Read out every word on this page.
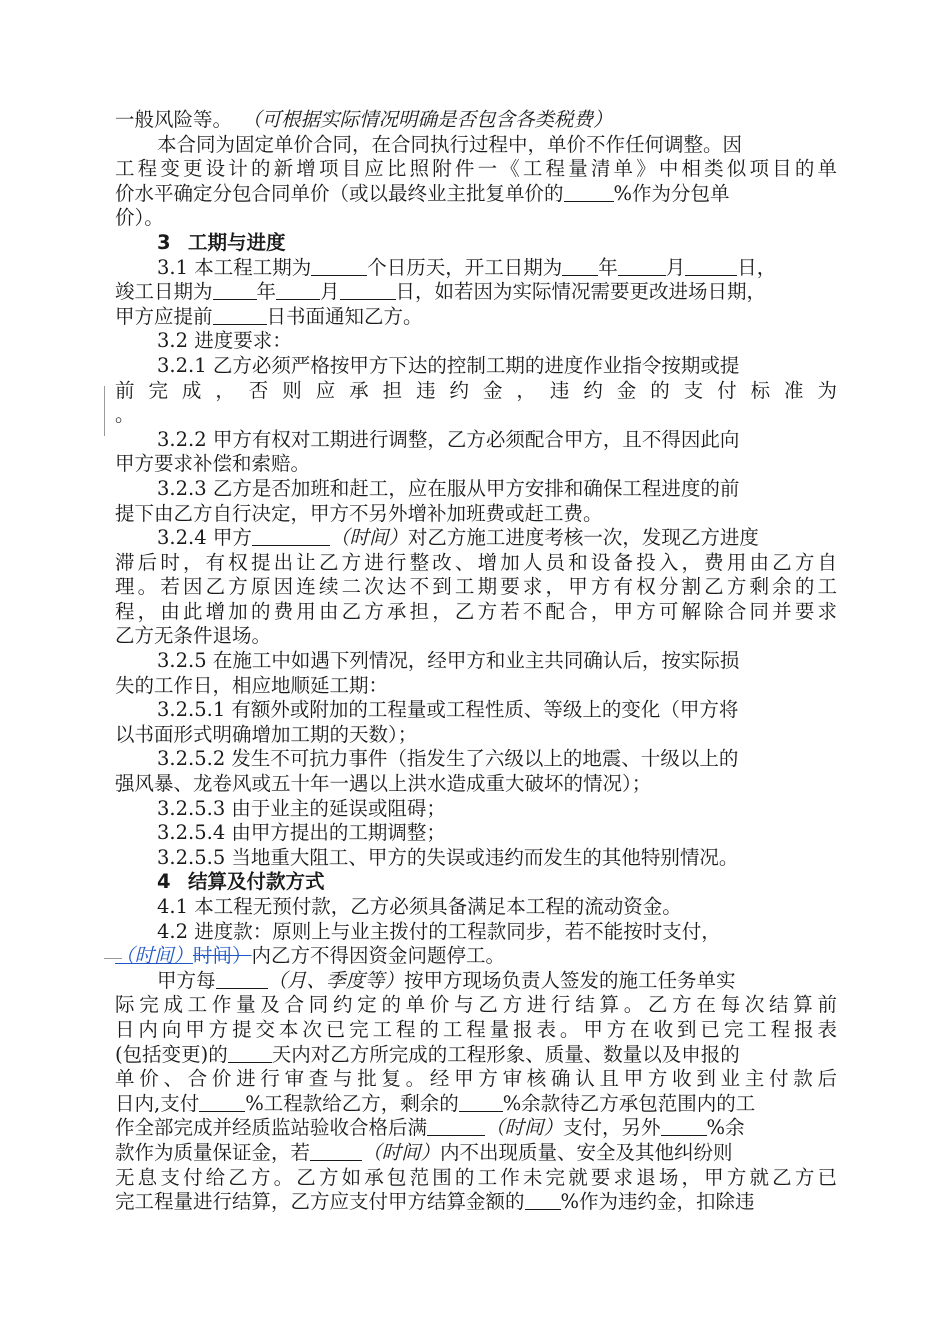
一般风险等。 （可根据实际情况明确是否包含各类税费）
本合同为固定单价合同，在合同执行过程中，单价不作任何调整。因
工程变更设计的新增项目应比照附件一《工程量清单》中相类似项目的单
价水平确定分包合同单价（或以最终业主批复单价的	%作为分包单
价）。
3 工期与进度
3.1 本工程工期为	个日历天，开工日期为 年 月	日，
竣工日期为 年 月	日，如若因为实际情况需要更改进场日期，
甲方应提前	日书面通知乙方。
3.2 进度要求：
3.2.1 乙方必须严格按甲方下达的控制工期的进度作业指令按期或提
前完成，否则应承担违约金，违约金的支付标准为
。
3.2.2 甲方有权对工期进行调整，乙方必须配合甲方，且不得因此向
甲方要求补偿和索赔。
3.2.3 乙方是否加班和赶工，应在服从甲方安排和确保工程进度的前
提下由乙方自行决定，甲方不另外增补加班费或赶工费。
3.2.4 甲方	（时间）对乙方施工进度考核一次，发现乙方进度
滞后时，有权提出让乙方进行整改、增加人员和设备投入，费用由乙方自
理。若因乙方原因连续二次达不到工期要求，甲方有权分割乙方剩余的工
程，由此增加的费用由乙方承担，乙方若不配合，甲方可解除合同并要求
乙方无条件退场。
3.2.5 在施工中如遇下列情况，经甲方和业主共同确认后，按实际损
失的工作日，相应地顺延工期：
3.2.5.1 有额外或附加的工程量或工程性质、等级上的变化（甲方将
以书面形式明确增加工期的天数）；
3.2.5.2 发生不可抗力事件（指发生了六级以上的地震、十级以上的
强风暴、龙卷风或五十年一遇以上洪水造成重大破坏的情况）；
3.2.5.3 由于业主的延误或阻碍；
3.2.5.4 由甲方提出的工期调整；
3.2.5.5 当地重大阻工、甲方的失误或违约而发生的其他特别情况。
4 结算及付款方式
4.1 本工程无预付款，乙方必须具备满足本工程的流动资金。
4.2 进度款：原则上与业主拨付的工程款同步，若不能按时支付，
（时间）时间）内乙方不得因资金问题停工。
甲方每	（月、季度等）按甲方现场负责人签发的施工任务单实
际完成工作量及合同约定的单价与乙方进行结算。乙方在每次结算前
日内向甲方提交本次已完工程的工程量报表。甲方在收到已完工程报表
(包括变更)的 天内对乙方所完成的工程形象、质量、数量以及申报的
单价、合价进行审查与批复。经甲方审核确认且甲方收到业主付款后
日内,支付 %工程款给乙方，剩余的 %余款待乙方承包范围内的工
作全部完成并经质监站验收合格后满	（时间）支付，另外 %余
款作为质量保证金，若	（时间）内不出现质量、安全及其他纠纷则
无息支付给乙方。乙方如承包范围的工作未完就要求退场，甲方就乙方已
完工程量进行结算，乙方应支付甲方结算金额的 %作为违约金，扣除违
